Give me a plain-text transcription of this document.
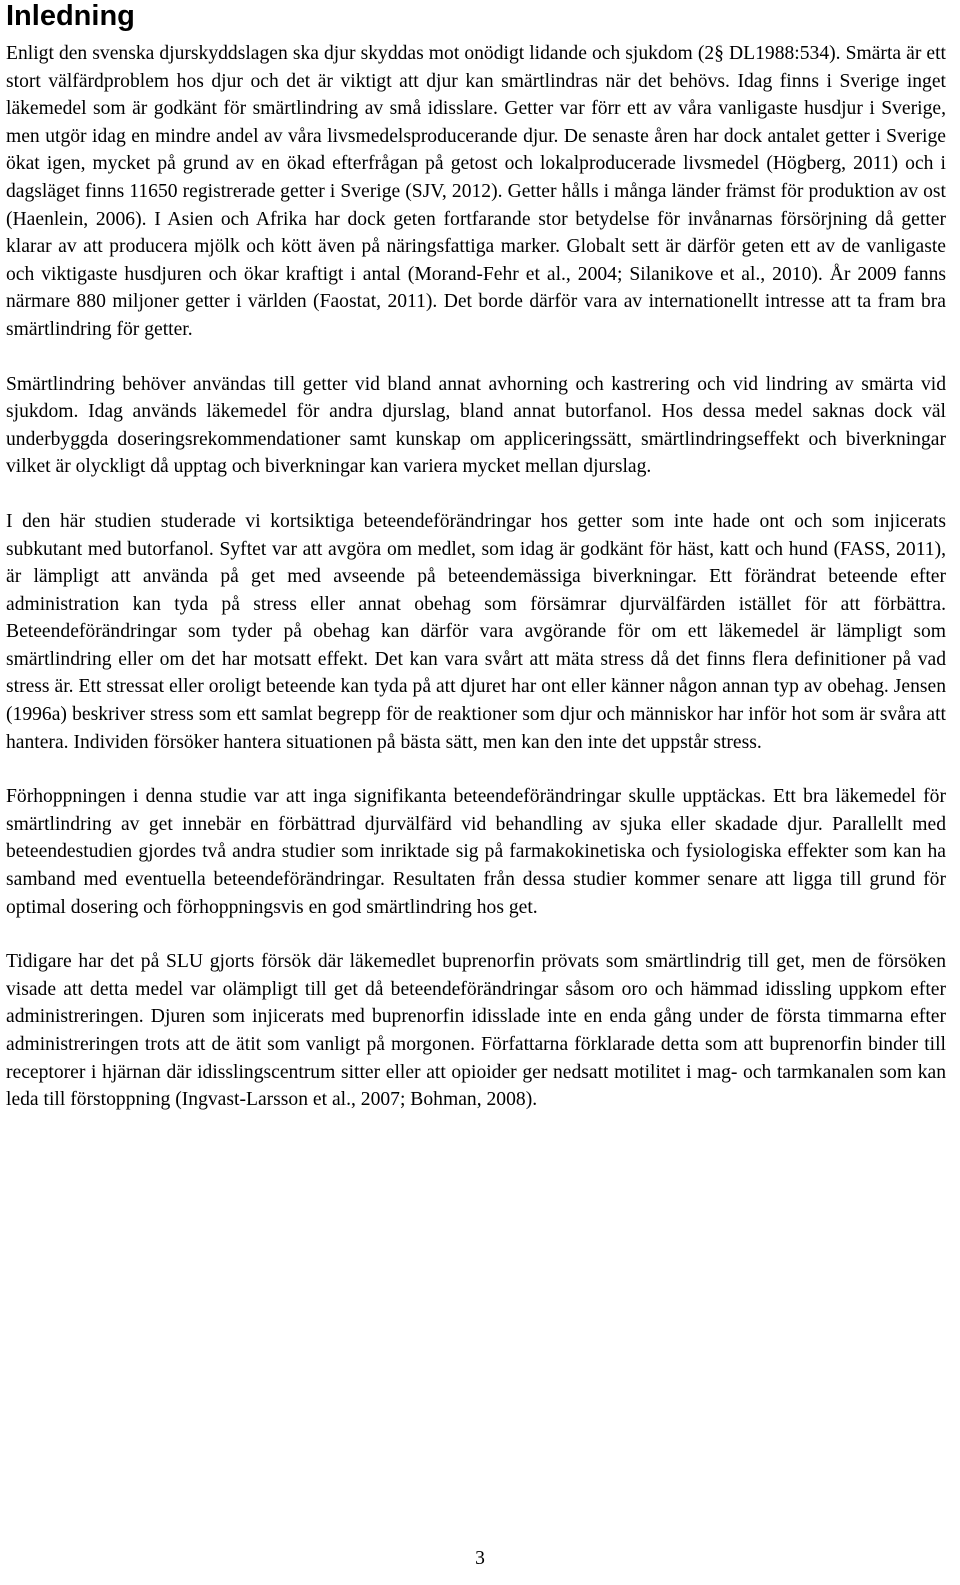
Inledning

Enligt den svenska djurskyddslagen ska djur skyddas mot onödigt lidande och sjukdom (2§ DL1988:534). Smärta är ett stort välfärdproblem hos djur och det är viktigt att djur kan smärtlindras när det behövs. Idag finns i Sverige inget läkemedel som är godkänt för smärtlindring av små idisslare. Getter var förr ett av våra vanligaste husdjur i Sverige, men utgör idag en mindre andel av våra livsmedelsproducerande djur. De senaste åren har dock antalet getter i Sverige ökat igen, mycket på grund av en ökad efterfrågan på getost och lokalproducerade livsmedel (Högberg, 2011) och i dagsläget finns 11650 registrerade getter i Sverige (SJV, 2012). Getter hålls i många länder främst för produktion av ost (Haenlein, 2006). I Asien och Afrika har dock geten fortfarande stor betydelse för invånarnas försörjning då getter klarar av att producera mjölk och kött även på näringsfattiga marker. Globalt sett är därför geten ett av de vanligaste och viktigaste husdjuren och ökar kraftigt i antal (Morand-Fehr et al., 2004; Silanikove et al., 2010). År 2009 fanns närmare 880 miljoner getter i världen (Faostat, 2011). Det borde därför vara av internationellt intresse att ta fram bra smärtlindring för getter.

Smärtlindring behöver användas till getter vid bland annat avhorning och kastrering och vid lindring av smärta vid sjukdom. Idag används läkemedel för andra djurslag, bland annat butorfanol. Hos dessa medel saknas dock väl underbyggda doseringsrekommendationer samt kunskap om appliceringssätt, smärtlindringseffekt och biverkningar vilket är olyckligt då upptag och biverkningar kan variera mycket mellan djurslag.

I den här studien studerade vi kortsiktiga beteendeförändringar hos getter som inte hade ont och som injicerats subkutant med butorfanol. Syftet var att avgöra om medlet, som idag är godkänt för häst, katt och hund (FASS, 2011), är lämpligt att använda på get med avseende på beteendemässiga biverkningar. Ett förändrat beteende efter administration kan tyda på stress eller annat obehag som försämrar djurvälfärden istället för att förbättra. Beteendeförändringar som tyder på obehag kan därför vara avgörande för om ett läkemedel är lämpligt som smärtlindring eller om det har motsatt effekt. Det kan vara svårt att mäta stress då det finns flera definitioner på vad stress är. Ett stressat eller oroligt beteende kan tyda på att djuret har ont eller känner någon annan typ av obehag. Jensen (1996a) beskriver stress som ett samlat begrepp för de reaktioner som djur och människor har inför hot som är svåra att hantera. Individen försöker hantera situationen på bästa sätt, men kan den inte det uppstår stress.

Förhoppningen i denna studie var att inga signifikanta beteendeförändringar skulle upptäckas. Ett bra läkemedel för smärtlindring av get innebär en förbättrad djurvälfärd vid behandling av sjuka eller skadade djur. Parallellt med beteendestudien gjordes två andra studier som inriktade sig på farmakokinetiska och fysiologiska effekter som kan ha samband med eventuella beteendeförändringar. Resultaten från dessa studier kommer senare att ligga till grund för optimal dosering och förhoppningsvis en god smärtlindring hos get.

Tidigare har det på SLU gjorts försök där läkemedlet buprenorfin prövats som smärtlindrig till get, men de försöken visade att detta medel var olämpligt till get då beteendeförändringar såsom oro och hämmad idissling uppkom efter administreringen. Djuren som injicerats med buprenorfin idisslade inte en enda gång under de första timmarna efter administreringen trots att de ätit som vanligt på morgonen. Författarna förklarade detta som att buprenorfin binder till receptorer i hjärnan där idisslingscentrum sitter eller att opioider ger nedsatt motilitet i mag- och tarmkanalen som kan leda till förstoppning (Ingvast-Larsson et al., 2007; Bohman, 2008).

3
